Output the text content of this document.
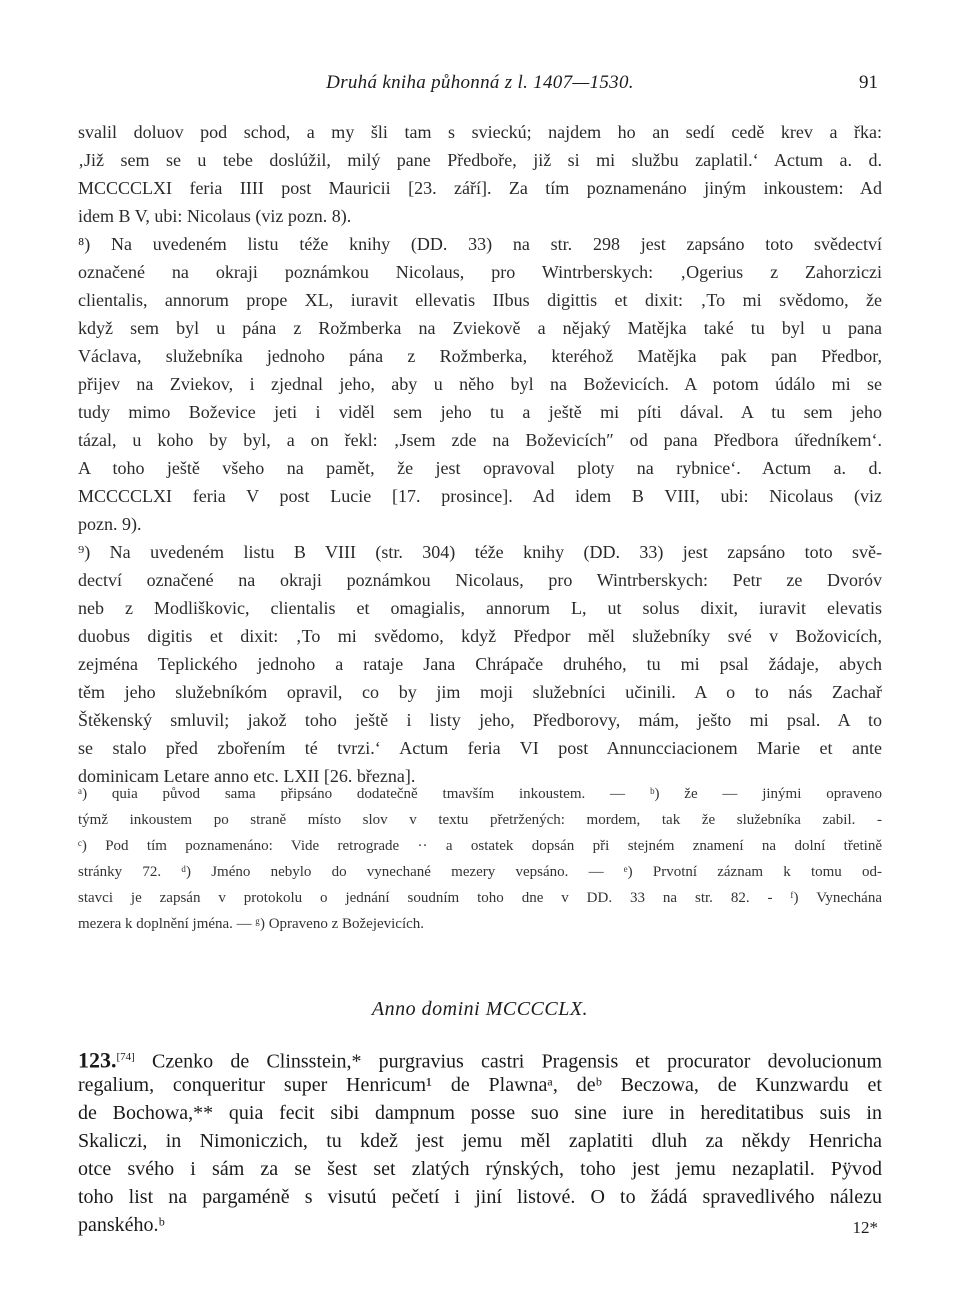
Druhá kniha půhonná z l. 1407—1530.	91
svalil doluov pod schod, a my šli tam s svieckú; najdem ho an sedí cedě krev a řka:
‚Již sem se u tebe doslúžil, milý pane Předboře, již si mi službu zaplatil.‘ Actum a. d.
MCCCCLXI feria IIII post Mauricii [23. září]. Za tím poznamenáno jiným inkoustem: Ad
idem B V, ubi: Nicolaus (viz pozn. 8).
⁸) Na uvedeném listu téže knihy (DD. 33) na str. 298 jest zapsáno toto svědectví
označené na okraji poznámkou Nicolaus, pro Wintrberskych: ‚Ogerius z Zahorziczi
clientalis, annorum prope XL, iuravit ellevatis IIbus digittis et dixit: ‚To mi svědomo, že
když sem byl u pána z Rožmberka na Zviekově a nějaký Matějka také tu byl u pana
Václava, služebníka jednoho pána z Rožmberka, kteréhož Matějka pak pan Předbor,
přijev na Zviekov, i zjednal jeho, aby u něho byl na Boževicích. A potom údálo mi se
tudy mimo Boževice jeti i viděl sem jeho tu a ještě mi píti dával. A tu sem jeho
tázal, u koho by byl, a on řekl: ‚Jsem zde na Boževicích″ od pana Předbora úředníkem‘.
A toho ještě všeho na pamět, že jest opravoval ploty na rybnice‘. Actum a. d.
MCCCCLXI feria V post Lucie [17. prosince]. Ad idem B VIII, ubi: Nicolaus (viz
pozn. 9).
⁹) Na uvedeném listu B VIII (str. 304) téže knihy (DD. 33) jest zapsáno toto svě-
dectví označené na okraji poznámkou Nicolaus, pro Wintrberskych: Petr ze Dvoróv
neb z Modliškovic, clientalis et omagialis, annorum L, ut solus dixit, iuravit elevatis
duobus digitis et dixit: ‚To mi svědomo, když Předpor měl služebníky své v Božovicích,
zejména Teplického jednoho a rataje Jana Chrápače druhého, tu mi psal žádaje, abych
těm jeho služebníkóm opravil, co by jim moji služebníci učinili. A o to nás Zachař
Štěkenský smluvil; jakož toho ještě i listy jeho, Předborovy, mám, ješto mi psal. A to
se stalo před zbořením té tvrzi.‘ Actum feria VI post Annuncciacionem Marie et ante
dominicam Letare anno etc. LXII [26. března].
ᵃ) quia původ sama připsáno dodatečně tmavším inkoustem. — ᵇ) že — jinými opraveno
týmž inkoustem po straně místo slov v textu přetržených: mordem, tak že služebníka zabil. -
ᶜ) Pod tím poznamenáno: Vide retrograde ·· a ostatek dopsán při stejném znamení na dolní třetině
stránky 72. ᵈ) Jméno nebylo do vynechané mezery vepsáno. — ᵉ) Prvotní záznam k tomu od-
stavci je zapsán v protokolu o jednání soudním toho dne v DD. 33 na str. 82. - ᶠ) Vynechána
mezera k doplnění jména. — ᵍ) Opraveno z Božejevicích.
Anno domini MCCCCLX.
123.[74] Czenko de Clinsstein,* purgravius castri Pragensis et procurator devolucionum
regalium, conqueritur super Henricum¹ de Plawnaᵃ, deᵇ Beczowa, de Kunzwardu et
de Bochowa,** quia fecit sibi dampnum posse suo sine iure in hereditatibus suis in
Skaliczi, in Nimoniczich, tu kdež jest jemu měl zaplatiti dluh za někdy Henricha
otce svého i sám za se šest set zlatých rýnských, toho jest jemu nezaplatil. Pÿvod
toho list na pargaméně s visutú pečetí i jiní listové. O to žádá spravedlivého nálezu
panského.ᵇ	12*
